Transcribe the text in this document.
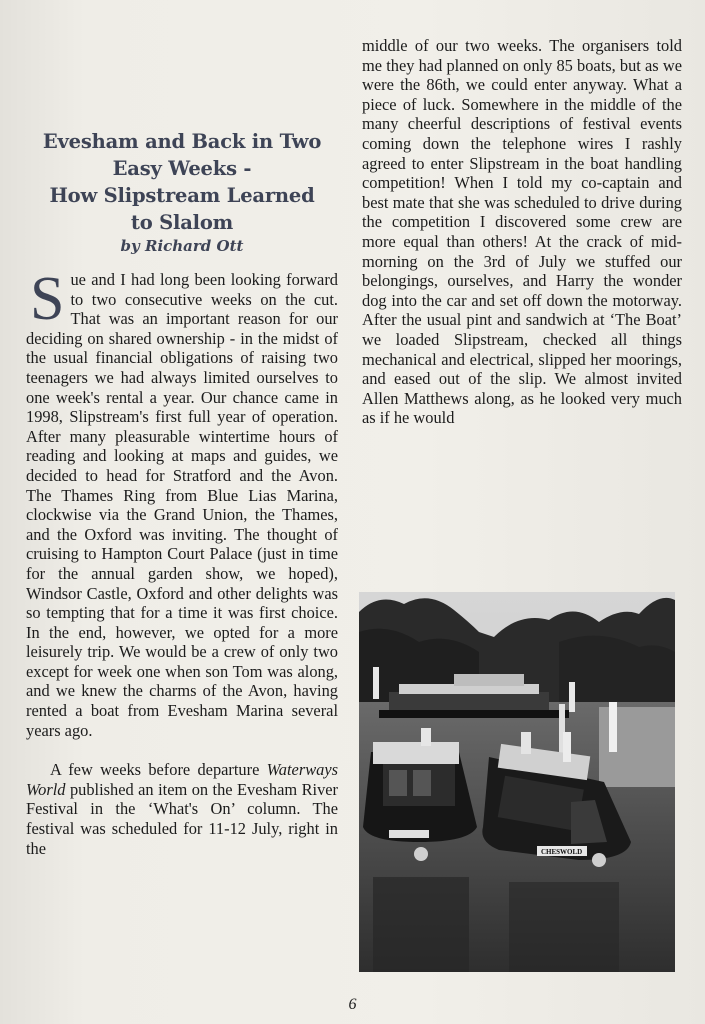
Evesham and Back in Two
Easy Weeks -
How Slipstream Learned
to Slalom

by Richard Ott

Sue and I had long been looking forward to two consecutive weeks on the cut. That was an important reason for our deciding on shared ownership - in the midst of the usual financial obligations of raising two teenagers we had always limited ourselves to one week's rental a year. Our chance came in 1998, Slipstream's first full year of operation. After many pleasurable wintertime hours of reading and looking at maps and guides, we decided to head for Stratford and the Avon. The Thames Ring from Blue Lias Marina, clockwise via the Grand Union, the Thames, and the Oxford was inviting. The thought of cruising to Hampton Court Palace (just in time for the annual garden show, we hoped), Windsor Castle, Oxford and other delights was so tempting that for a time it was first choice. In the end, however, we opted for a more leisurely trip. We would be a crew of only two except for week one when son Tom was along, and we knew the charms of the Avon, having rented a boat from Evesham Marina several years ago.

A few weeks before departure Waterways World published an item on the Evesham River Festival in the ‘What's On’ column. The festival was scheduled for 11-12 July, right in the

middle of our two weeks. The organisers told me they had planned on only 85 boats, but as we were the 86th, we could enter anyway. What a piece of luck. Somewhere in the middle of the many cheerful descriptions of festival events coming down the telephone wires I rashly agreed to enter Slipstream in the boat handling competition! When I told my co-captain and best mate that she was scheduled to drive during the competition I discovered some crew are more equal than others! At the crack of mid-morning on the 3rd of July we stuffed our belongings, ourselves, and Harry the wonder dog into the car and set off down the motorway. After the usual pint and sandwich at ‘The Boat’ we loaded Slipstream, checked all things mechanical and electrical, slipped her moorings, and eased out of the slip. We almost invited Allen Matthews along, as he looked very much as if he would

CHESWOLD
6
